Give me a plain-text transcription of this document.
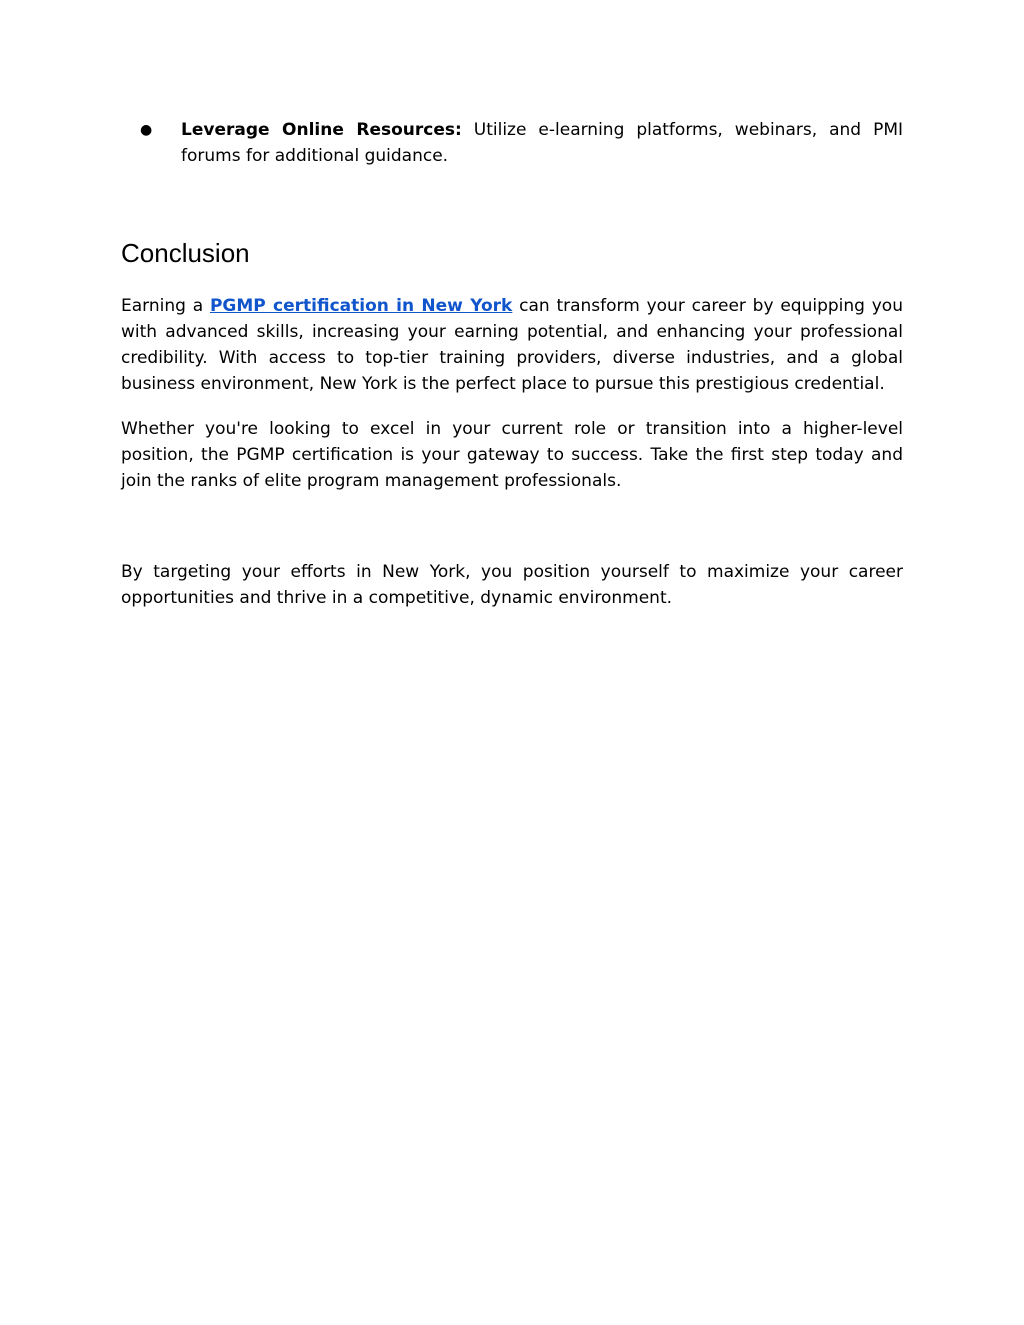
● Leverage Online Resources: Utilize e-learning platforms, webinars, and PMI forums for additional guidance.

Conclusion

Earning a PGMP certification in New York can transform your career by equipping you with advanced skills, increasing your earning potential, and enhancing your professional credibility. With access to top-tier training providers, diverse industries, and a global business environment, New York is the perfect place to pursue this prestigious credential.

Whether you're looking to excel in your current role or transition into a higher-level position, the PGMP certification is your gateway to success. Take the first step today and join the ranks of elite program management professionals.

By targeting your efforts in New York, you position yourself to maximize your career opportunities and thrive in a competitive, dynamic environment.
